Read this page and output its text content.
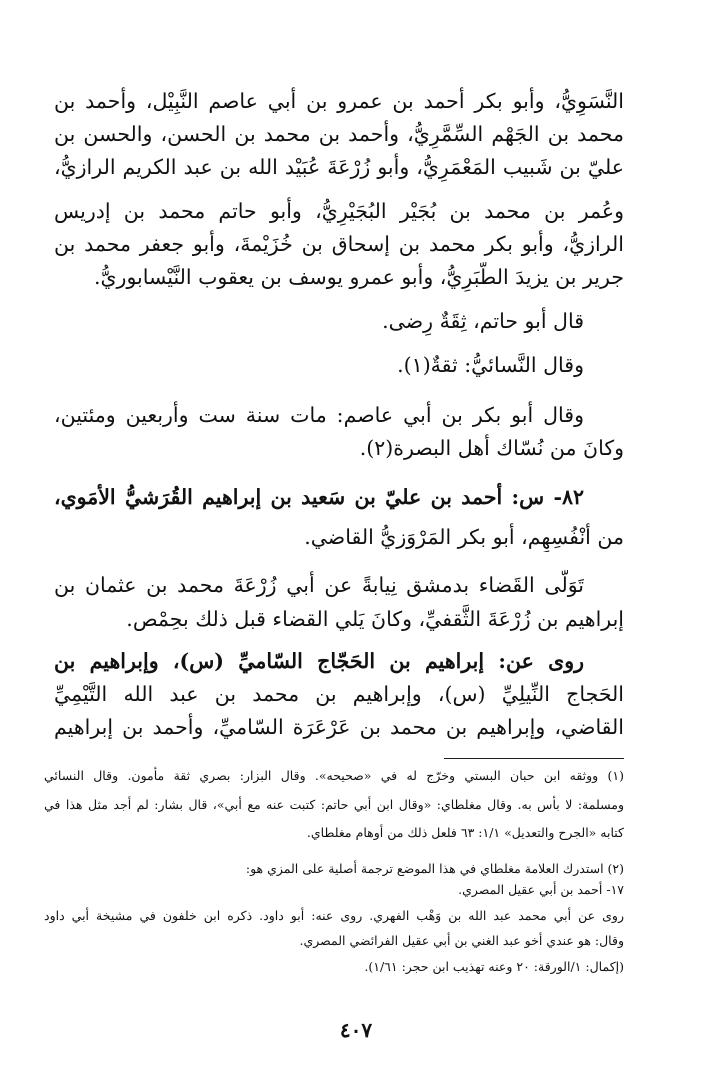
النَّسَوِيُّ، وأبو بكر أحمد بن عمرو بن أبي عاصم النَّبِيْل، وأحمد بن
محمد بن الجَهْم السِّمَّرِيُّ، وأحمد بن محمد بن الحسن، والحسن بن
عليّ بن شَبيب المَعْمَرِيُّ، وأبو زُرْعَةَ عُبَيْد الله بن عبد الكريم الرازيُّ،
وعُمر بن محمد بن بُجَيْر البُجَيْرِيُّ، وأبو حاتم محمد بن إدريس
الرازيُّ، وأبو بكر محمد بن إسحاق بن خُزَيْمةَ، وأبو جعفر محمد بن
جرير بن يزيدَ الطَّبَرِيُّ، وأبو عمرو يوسف بن يعقوب النَّيْسابوريُّ.
قال أبو حاتم، ثِقَةٌ رِضى.
وقال النَّسائيُّ: ثقةٌ(١).
وقال أبو بكر بن أبي عاصم: مات سنة ست وأربعين ومئتين،
وكانَ من نُسّاك أهل البصرة(٢).
٨٢- س: أحمد بن عليّ بن سَعيد بن إبراهيم القُرَشيُّ الأمَوي،
من أنْفُسِهِم، أبو بكر المَرْوَزيُّ القاضي.
تَوَلَّى القَضاء بدمشق نِيابةً عن أبي زُرْعَةَ محمد بن عثمان بن
إبراهيم بن زُرْعَةَ الثَّقفيِّ، وكانَ يَلي القضاء قبل ذلك بحِمْص.
روى عن: إبراهيم بن الحَجّاج السّاميِّ (س)، وإبراهيم بن
الحَجاج النِّيلِيِّ (س)، وإبراهيم بن محمد بن عبد الله التَّيْمِيِّ
القاضي، وإبراهيم بن محمد بن عَرْعَرَة السّاميِّ، وأحمد بن إبراهيم
(١) ووثقه ابن حبان البستي وخرّج له في «صحيحه». وقال البزار: بصري ثقة مأمون. وقال النسائي
ومسلمة: لا بأس به. وقال مغلطاي: «وقال ابن أبي حاتم: كتبت عنه مع أبي»، قال بشار: لم أجد مثل هذا في
كتابه «الجرح والتعديل» ١/١: ٦٣ فلعل ذلك من أوهام مغلطاي.
(٢) استدرك العلامة مغلطاي في هذا الموضع ترجمة أصلية على المزي هو:
١٧- أحمد بن أبي عقيل المصري.
روى عن أبي محمد عبد الله بن وَهْب الفهري. روى عنه: أبو داود. ذكره ابن خلفون في مشيخة أبي داود
وقال: هو عندي أخو عبد الغني بن أبي عقيل الفرائضي المصري.
(إكمال: ١/الورقة: ٢٠ وعنه تهذيب ابن حجر: ١/٦١).
٤٠٧
